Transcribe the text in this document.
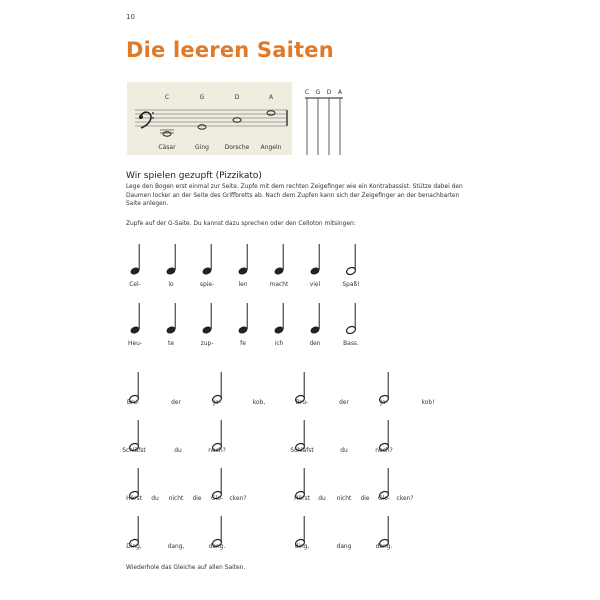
10
Die leeren Saiten
C	G	D	A
Cäsar	Ging	Dorsche Angeln
C G D A
Wir spielen gezupft (Pizzikato)
Lege den Bogen erst einmal zur Seite. Zupfe mit dem rechten Zeigefinger wie ein Kontrabassist. Stütze dabei den Daumen locker an der Seite des Griffbretts ab. Nach dem Zupfen kann sich der Zeigefinger an der benachbarten Saite anlegen.
Zupfe auf der G-Saite. Du kannst dazu sprechen oder den Celloton mitsingen:
Cel-	lo	spie-	len	macht	viel	Spaß!
Heu-	te	zup-	fe	ich	den	Bass.
Bru-	der	Ja-	kob,	Bru-	der	Ja-	kob!
Schläfst	du	noch?	Schläfst	du	noch?
Hörst du nicht die Glo- cken?	Hörst du nicht die Glo- cken?
Ding,	dang,	dong.	ding,	dang	dong.
Wiederhole das Gleiche auf allen Saiten.
